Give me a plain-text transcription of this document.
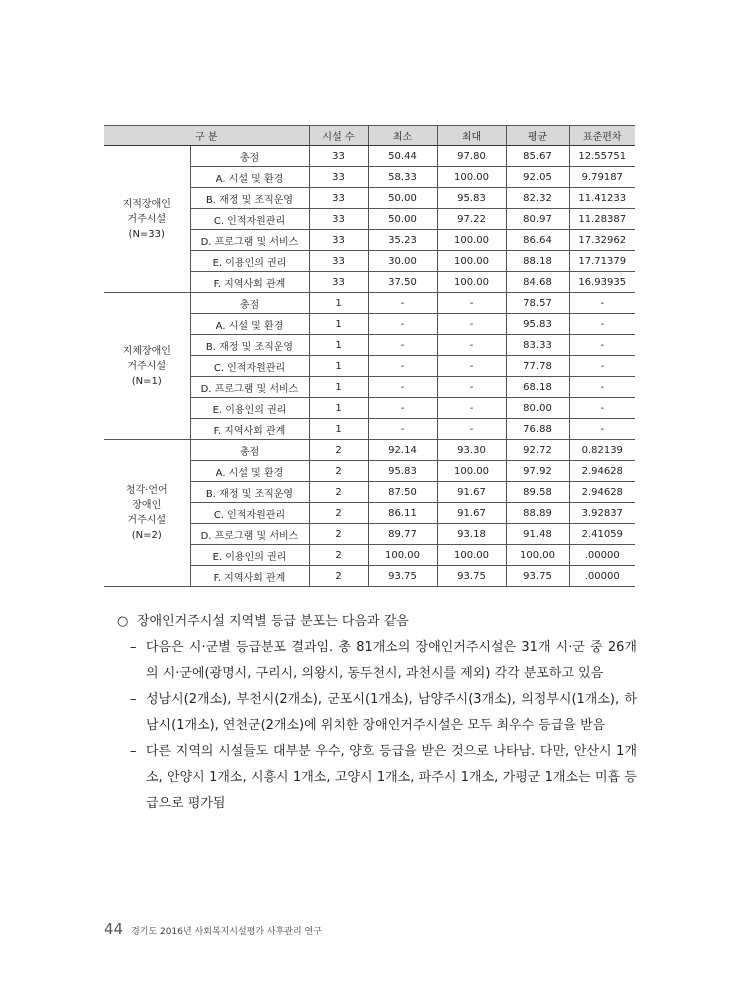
구 분		시설 수	최소	최대	평균	표준편차
지적장애인
거주시설
(N=33)	총점	33	50.44	97.80	85.67	12.55751
	A. 시설 및 환경	33	58.33	100.00	92.05	9.79187
	B. 재정 및 조직운영	33	50.00	95.83	82.32	11.41233
	C. 인적자원관리	33	50.00	97.22	80.97	11.28387
	D. 프로그램 및 서비스	33	35.23	100.00	86.64	17.32962
	E. 이용인의 권리	33	30.00	100.00	88.18	17.71379
	F. 지역사회 관계	33	37.50	100.00	84.68	16.93935
지체장애인
거주시설
(N=1)	총점	1	-	-	78.57	-
	A. 시설 및 환경	1	-	-	95.83	-
	B. 재정 및 조직운영	1	-	-	83.33	-
	C. 인적자원관리	1	-	-	77.78	-
	D. 프로그램 및 서비스	1	-	-	68.18	-
	E. 이용인의 권리	1	-	-	80.00	-
	F. 지역사회 관계	1	-	-	76.88	-
청각·언어
장애인
거주시설
(N=2)	총점	2	92.14	93.30	92.72	0.82139
	A. 시설 및 환경	2	95.83	100.00	97.92	2.94628
	B. 재정 및 조직운영	2	87.50	91.67	89.58	2.94628
	C. 인적자원관리	2	86.11	91.67	88.89	3.92837
	D. 프로그램 및 서비스	2	89.77	93.18	91.48	2.41059
	E. 이용인의 권리	2	100.00	100.00	100.00	.00000
	F. 지역사회 관계	2	93.75	93.75	93.75	.00000
○ 장애인거주시설 지역별 등급 분포는 다음과 같음
– 다음은 시·군별 등급분포 결과임. 총 81개소의 장애인거주시설은 31개 시·군 중 26개의 시·군에(광명시, 구리시, 의왕시, 동두천시, 과천시를 제외) 각각 분포하고 있음
– 성남시(2개소), 부천시(2개소), 군포시(1개소), 남양주시(3개소), 의정부시(1개소), 하남시(1개소), 연천군(2개소)에 위치한 장애인거주시설은 모두 최우수 등급을 받음
– 다른 지역의 시설들도 대부분 우수, 양호 등급을 받은 것으로 나타남. 다만, 안산시 1개소, 안양시 1개소, 시흥시 1개소, 고양시 1개소, 파주시 1개소, 가평군 1개소는 미흡 등급으로 평가됨
44 경기도 2016년 사회복지시설평가 사후관리 연구
